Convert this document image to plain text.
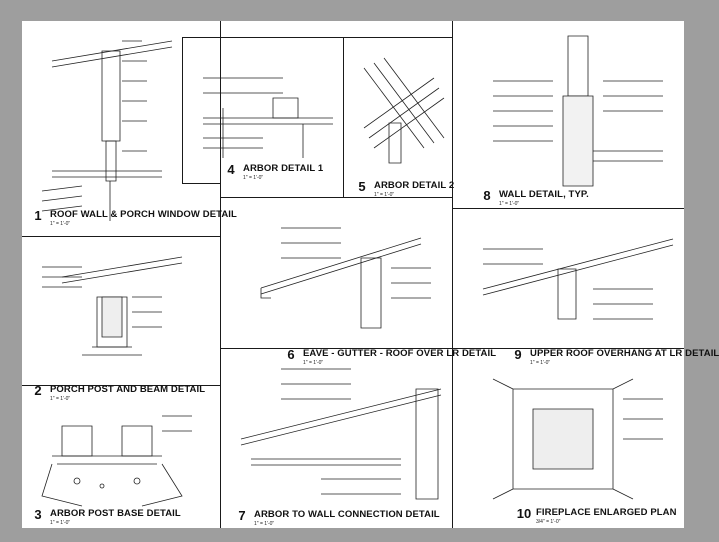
1 ROOF WALL & PORCH WINDOW DETAIL
1" = 1'-0"
2 PORCH POST AND BEAM DETAIL
1" = 1'-0"
3 ARBOR POST BASE DETAIL
1" = 1'-0"
4 ARBOR DETAIL 1
1" = 1'-0"
5 ARBOR DETAIL 2
1" = 1'-0"
6 EAVE - GUTTER - ROOF OVER LR DETAIL
1" = 1'-0"
7 ARBOR TO WALL CONNECTION DETAIL
1" = 1'-0"
8 WALL DETAIL, TYP.
1" = 1'-0"
9 UPPER ROOF OVERHANG AT LR DETAIL
1" = 1'-0"
10 FIREPLACE ENLARGED PLAN
3/4" = 1'-0"
